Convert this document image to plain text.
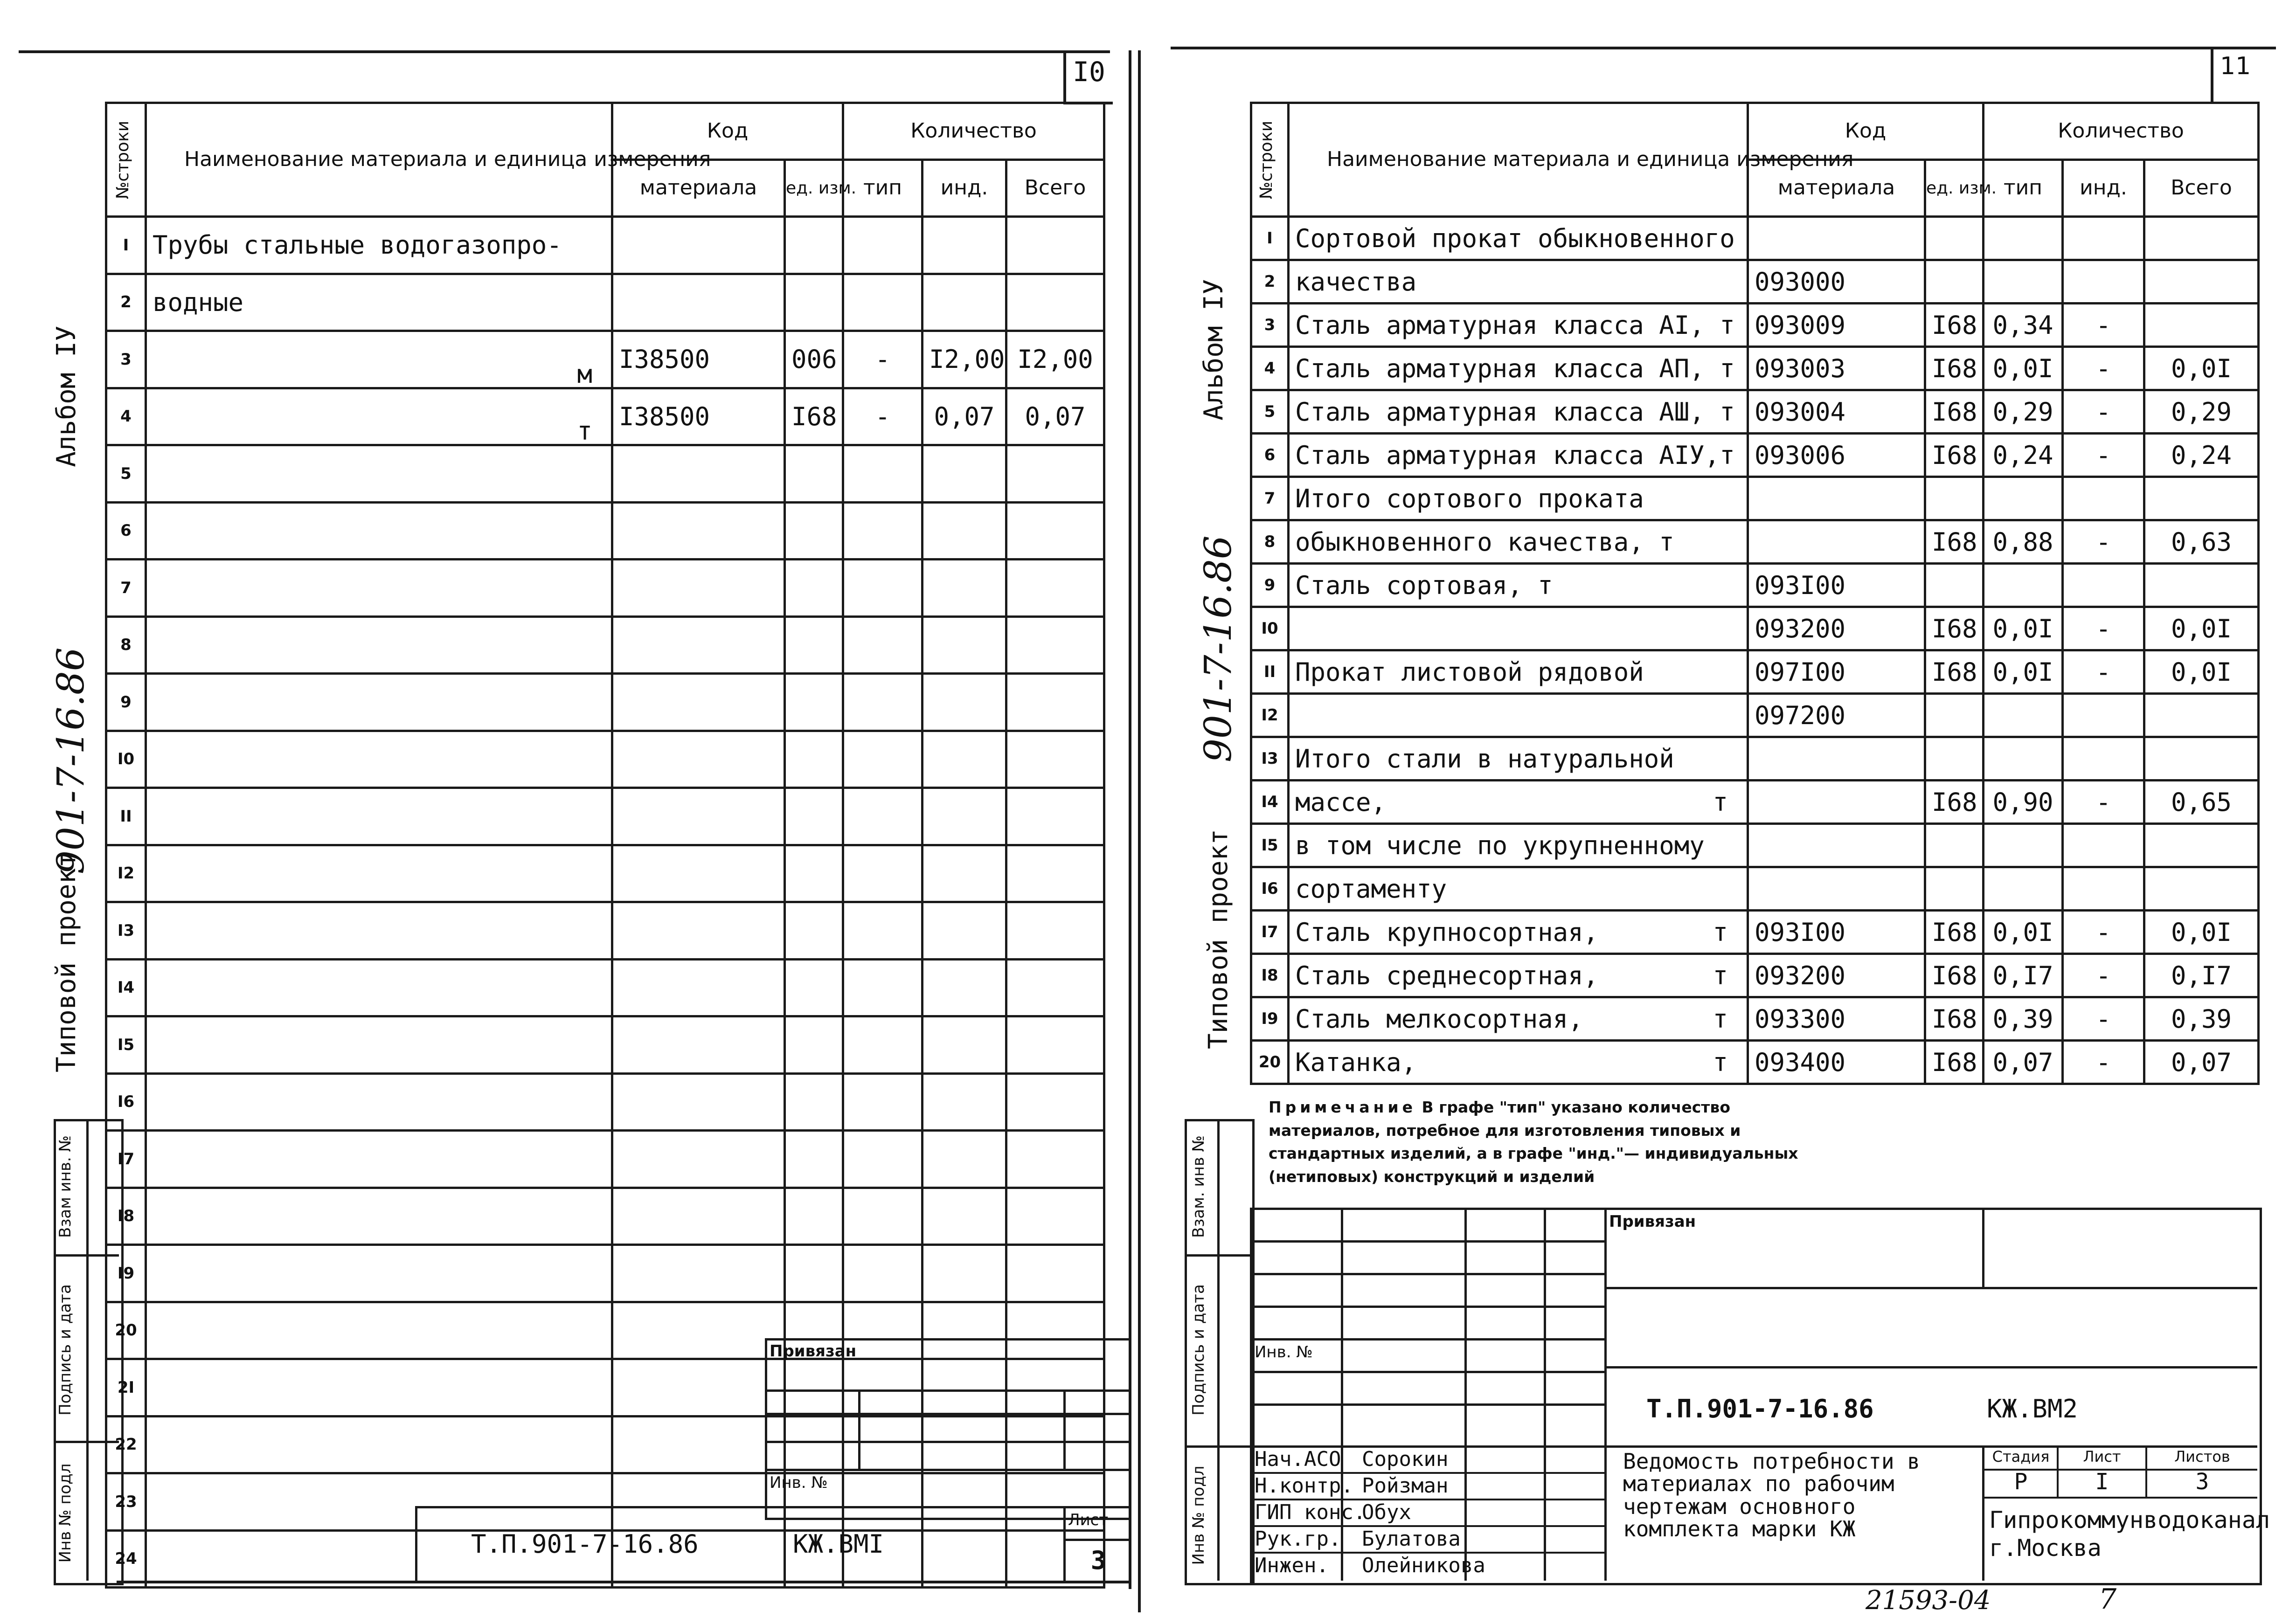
I0
Альбом IУ
Типовой проект
901-7-16.86
Взам инв. №
Подпись и дата
Инв № подл
№строки	Наименование материала и единица измерения	Код		Количество		
		материала	ед. изм.	тип	инд.	Всего
I	Трубы стальные водогазопро-

2	водные

3	м	I38500	006	-	I2,00	I2,00
4	т	I38500	I68	-	0,07	0,07
5	

6	

7	

8	

9	

I0	

II	

I2	

I3	

I4	

I5	

I6	

I7	

I8	

I9	

20	

2I	

22	

23	

24	

Привязан
Инв. №
Т.П.901-7-16.86	КЖ.ВМI
Лист
3
11
Альбом IУ
901-7-16.86
Типовой проект
Взам. инв №
Подпись и дата
Инв № подл
№строки	Наименование материала и единица измерения	Код		Количество		
		материала	ед. изм.	тип	инд.	Всего
I	Сортовой прокат обыкновенного

2	качества	093000				
3	Сталь арматурная класса AI, т	093009	I68	0,34	-	
4	Сталь арматурная класса АП, т	093003	I68	0,0I	-	0,0I
5	Сталь арматурная класса АШ, т	093004	I68	0,29	-	0,29
6	Сталь арматурная класса AIУ,т	093006	I68	0,24	-	0,24
7	Итого сортового проката

8	обыкновенного качества, т		I68	0,88	-	0,63
9	Сталь сортовая, т	093I00				
I0		093200	I68	0,0I	-	0,0I
II	Прокат листовой рядовой	097I00	I68	0,0I	-	0,0I
I2		097200				
I3	Итого стали в натуральной

I4	массе, т		I68	0,90	-	0,65
I5	в том числе по укрупненному

I6	сортаменту

I7	Сталь крупносортная, т	093I00	I68	0,0I	-	0,0I
I8	Сталь среднесортная, т	093200	I68	0,I7	-	0,I7
I9	Сталь мелкосортная, т	093300	I68	0,39	-	0,39
20	Катанка, т	093400	I68	0,07	-	0,07
Примечание В графе "тип" указано количество материалов, потребное для изготовления типовых и стандартных изделий, а в графе "инд."— индивидуальных (нетиповых) конструкций и изделий
Привязан
Инв. №
Т.П.901-7-16.86	КЖ.ВМ2
Нач.АСО Сорокин
Н.контр. Ройзман
ГИП конс.
Обух
Рук.гр. Булатова
Инжен. Олейникова
Ведомость потребности в материалах по рабочим чертежам основного комплекта марки КЖ
Стадия	Лист	Листов
Р	I	3
Гипрокоммунводоканал г.Москва
21593-04	7
